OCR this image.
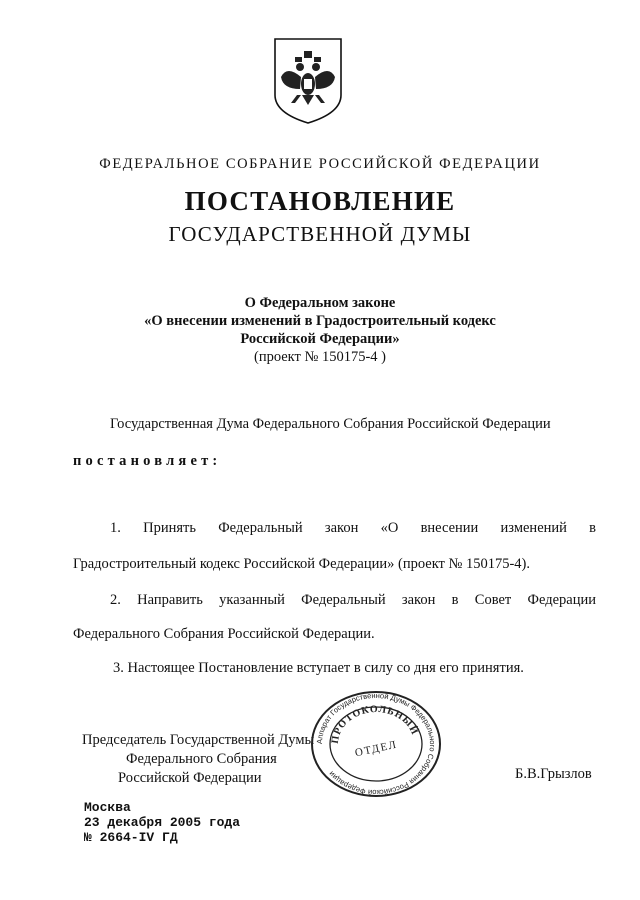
ФЕДЕРАЛЬНОЕ СОБРАНИЕ РОССИЙСКОЙ ФЕДЕРАЦИИ
ПОСТАНОВЛЕНИЕ
ГОСУДАРСТВЕННОЙ ДУМЫ
О Федеральном законе
«О внесении изменений в Градостроительный кодекс
Российской Федерации»
(проект № 150175-4 )
Государственная Дума Федерального Собрания Российской Федерации
постановляет:
1. Принять Федеральный закон «О внесении изменений в
Градостроительный кодекс Российской Федерации» (проект № 150175-4).
2. Направить указанный Федеральный закон в Совет Федерации
Федерального Собрания Российской Федерации.
3. Настоящее Постановление вступает в силу со дня его принятия.
Председатель Государственной Думы
Федерального Собрания
Российской Федерации
Аппарат Государственной Думы Федерального Собрания Российской Федерации
ПРОТОКОЛЬНЫЙ
ОТДЕЛ
Б.В.Грызлов
Москва
23 декабря 2005 года
№ 2664-IV ГД
